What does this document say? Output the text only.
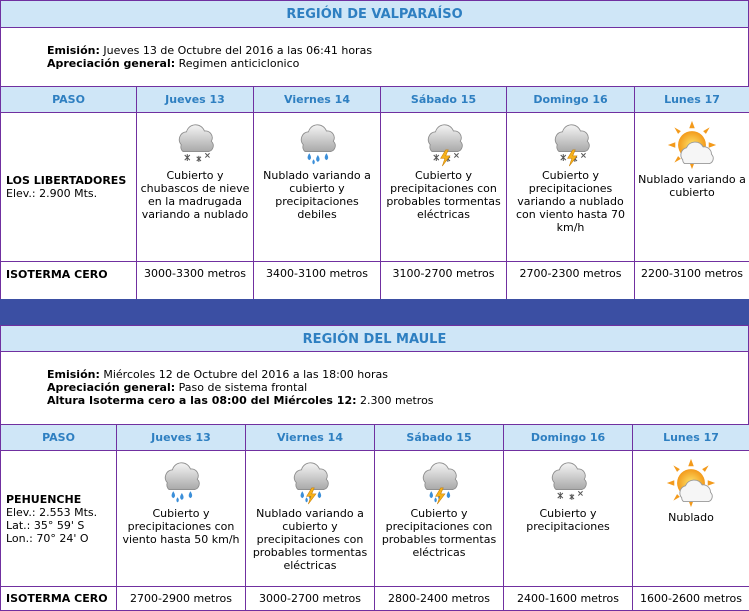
REGIÓN DE VALPARAÍSO
Emisión: Jueves 13 de Octubre del 2016 a las 06:41 horas
Apreciación general: Regimen anticiclonico
PASO	Jueves 13	Viernes 14	Sábado 15	Domingo 16	Lunes 17

LOS LIBERTADORES
Elev.: 2.900 Mts.	Cubierto y chubascos de nieve en la madrugada variando a nublado	Nublado variando a cubierto y precipitaciones debiles	Cubierto y precipitaciones con probables tormentas eléctricas	Cubierto y precipitaciones variando a nublado con viento hasta 70 km/h	Nublado variando a cubierto

ISOTERMA CERO	3000-3300 metros	3400-3100 metros	3100-2700 metros	2700-2300 metros	2200-3100 metros
REGIÓN DEL MAULE
Emisión: Miércoles 12 de Octubre del 2016 a las 18:00 horas
Apreciación general: Paso de sistema frontal
Altura Isoterma cero a las 08:00 del Miércoles 12: 2.300 metros
PASO	Jueves 13	Viernes 14	Sábado 15	Domingo 16	Lunes 17

PEHUENCHE
Elev.: 2.553 Mts.
Lat.: 35° 59' S
Lon.: 70° 24' O	Cubierto y precipitaciones con viento hasta 50 km/h	Nublado variando a cubierto y precipitaciones con probables tormentas eléctricas	Cubierto y precipitaciones con probables tormentas eléctricas	Cubierto y precipitaciones	Nublado

ISOTERMA CERO	2700-2900 metros	3000-2700 metros	2800-2400 metros	2400-1600 metros	1600-2600 metros
